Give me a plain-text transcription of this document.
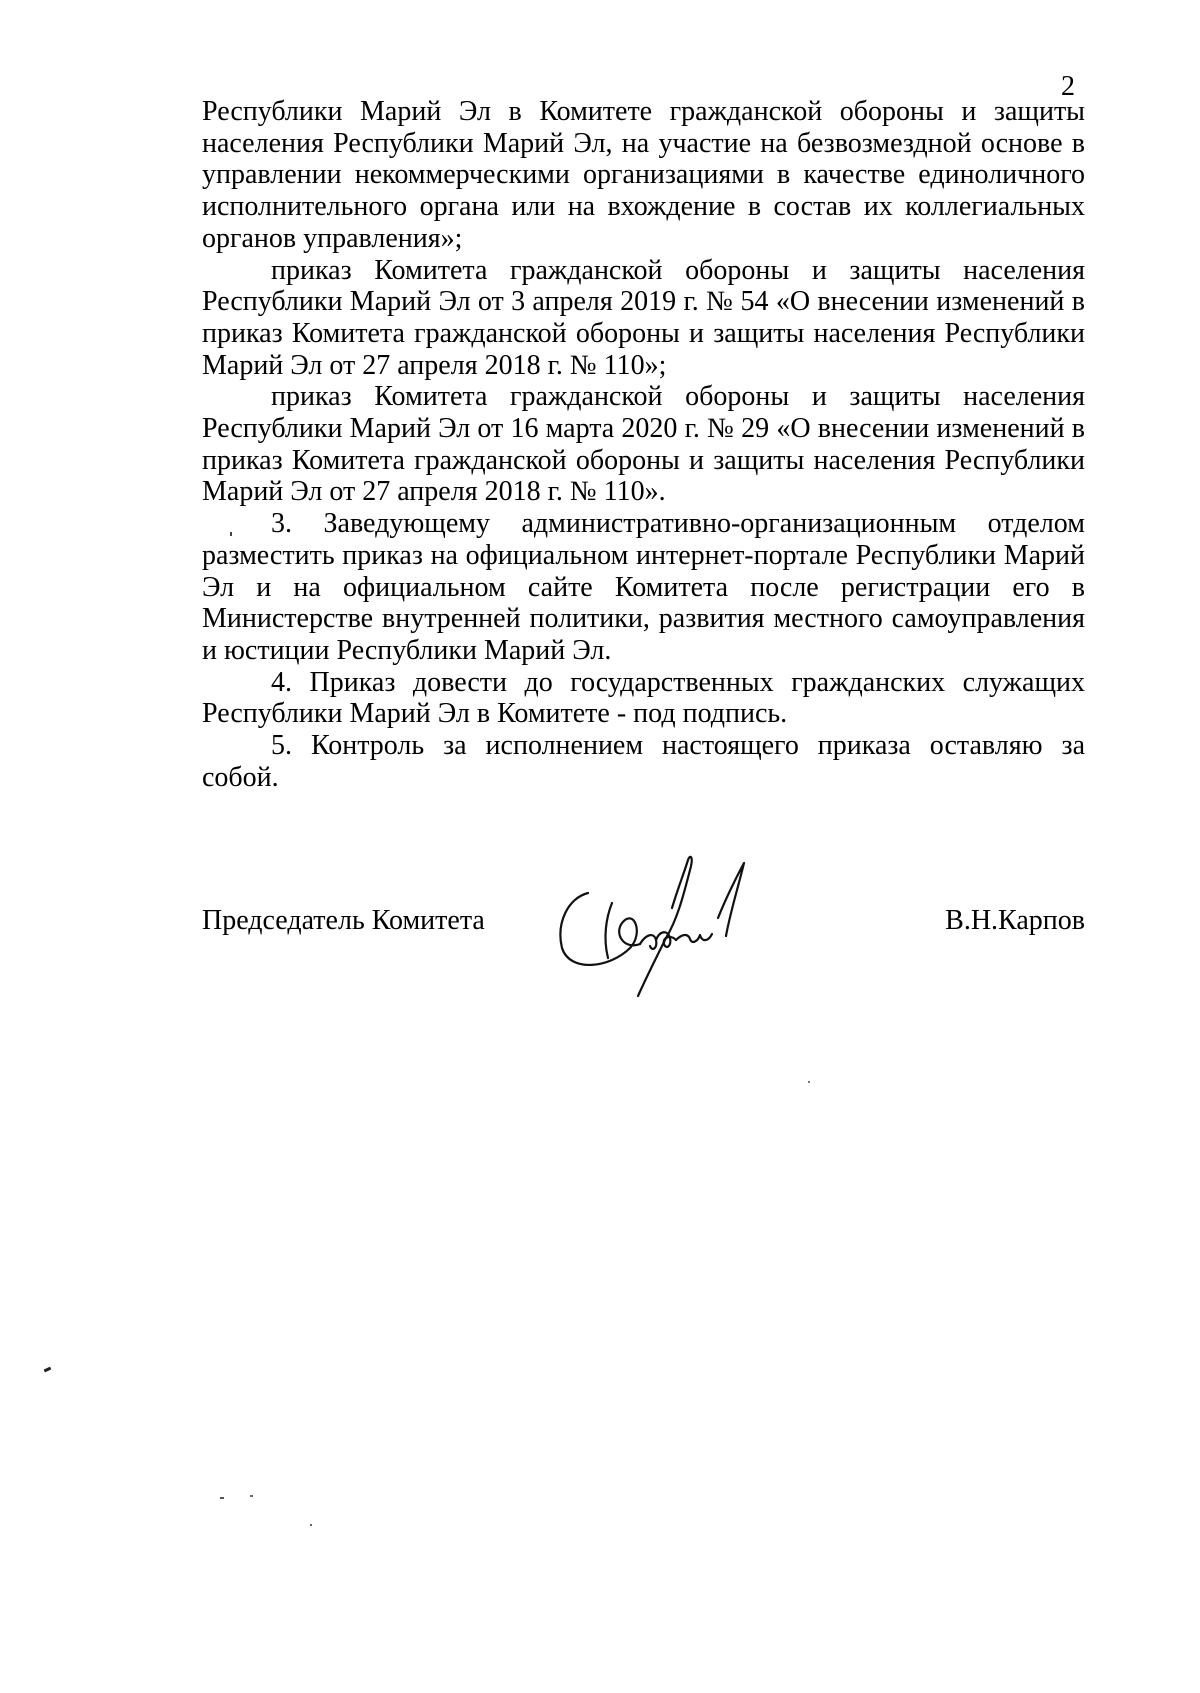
2

Республики Марий Эл в Комитете гражданской обороны и защиты населения Республики Марий Эл, на участие на безвозмездной основе в управлении некоммерческими организациями в качестве единоличного исполнительного органа или на вхождение в состав их коллегиальных органов управления»;

приказ Комитета гражданской обороны и защиты населения Республики Марий Эл от 3 апреля 2019 г. № 54 «О внесении изменений в приказ Комитета гражданской обороны и защиты населения Республики Марий Эл от 27 апреля 2018 г. № 110»;

приказ Комитета гражданской обороны и защиты населения Республики Марий Эл от 16 марта 2020 г. № 29 «О внесении изменений в приказ Комитета гражданской обороны и защиты населения Республики Марий Эл от 27 апреля 2018 г. № 110».

3. Заведующему административно-организационным отделом разместить приказ на официальном интернет-портале Республики Марий Эл и на официальном сайте Комитета после регистрации его в Министерстве внутренней политики, развития местного самоуправления и юстиции Республики Марий Эл.

4. Приказ довести до государственных гражданских служащих Республики Марий Эл в Комитете - под подпись.

5. Контроль за исполнением настоящего приказа оставляю за собой.

Председатель Комитета	В.Н.Карпов
